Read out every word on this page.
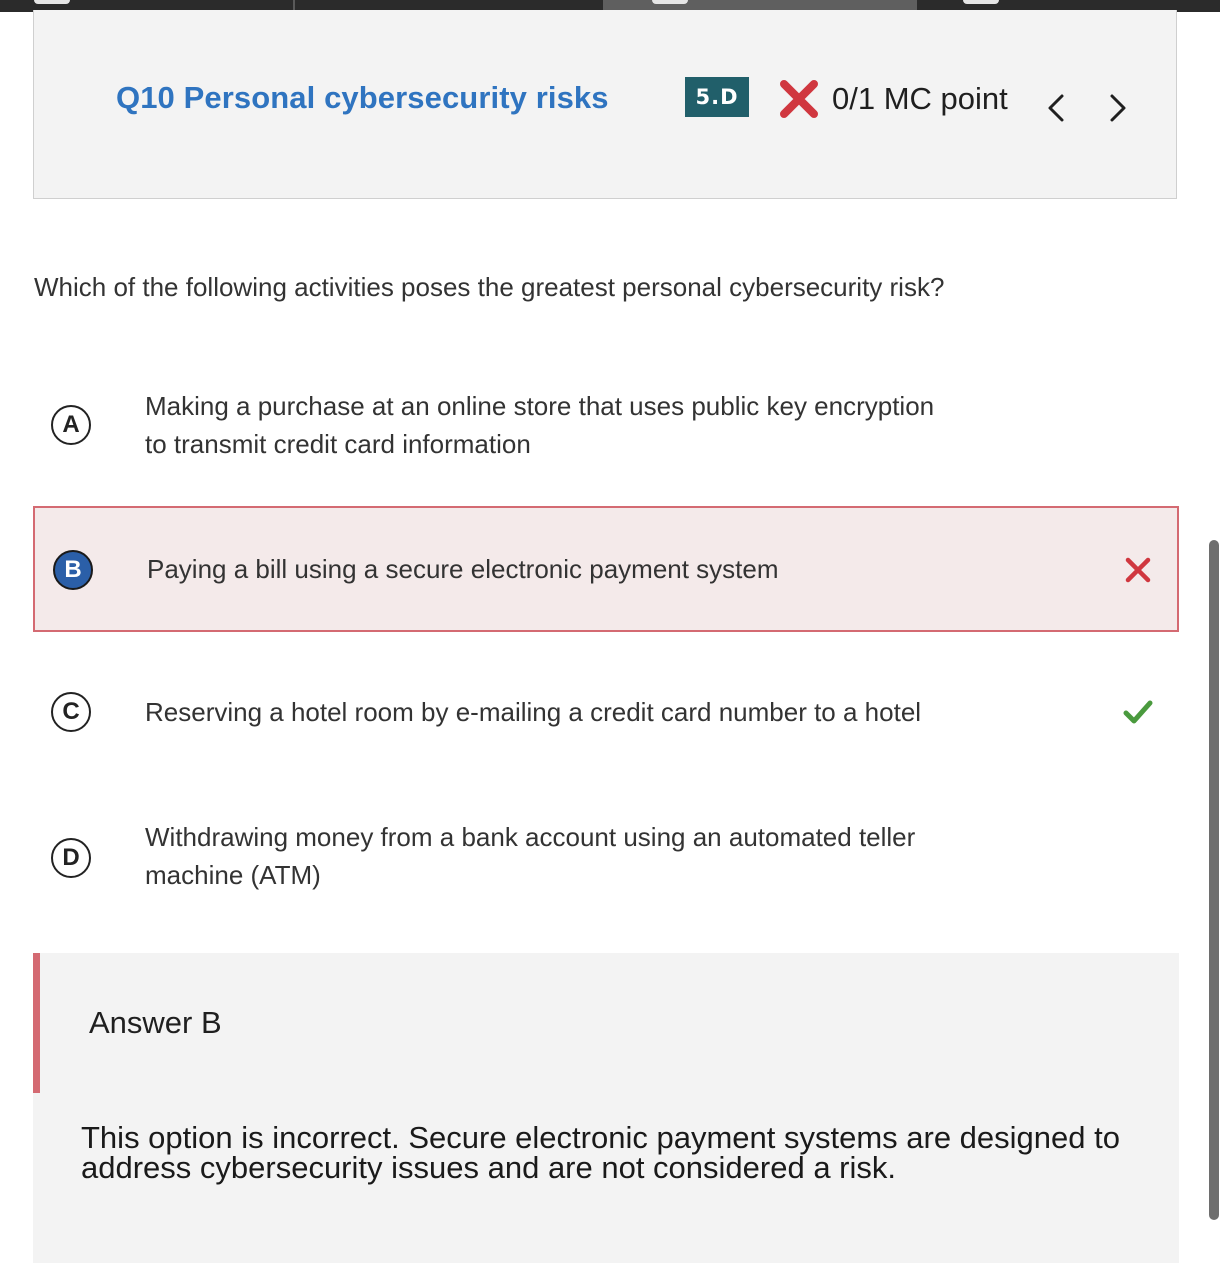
Q10 Personal cybersecurity risks	5.D	0/1 MC point
Which of the following activities poses the greatest personal cybersecurity risk?
A
Making a purchase at an online store that uses public key encryption
to transmit credit card information
B	Paying a bill using a secure electronic payment system
C	Reserving a hotel room by e-mailing a credit card number to a hotel
D
Withdrawing money from a bank account using an automated teller
machine (ATM)
Answer B
This option is incorrect. Secure electronic payment systems are designed to address cybersecurity issues and are not considered a risk.
